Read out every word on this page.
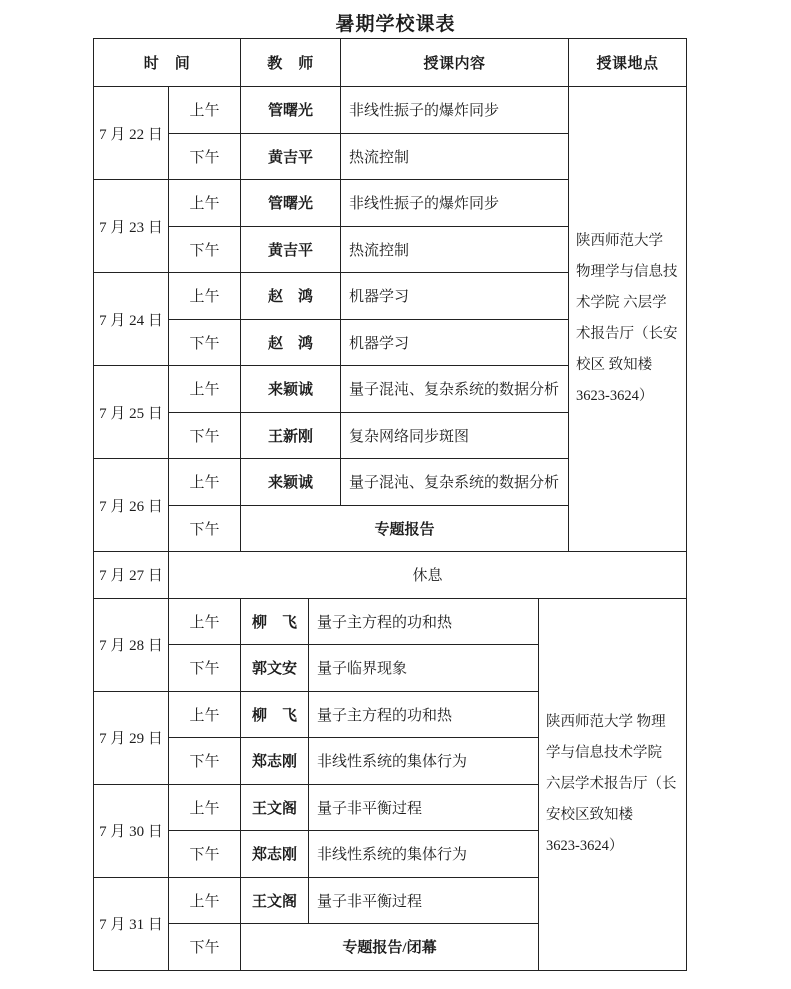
暑期学校课表
时　间		教　师	授课内容	授课地点
7 月 22 日	上午	管曙光	非线性振子的爆炸同步	
陕西师范大学
物理学与信息技
术学院 六层学
术报告厅（长安
校区 致知楼
3623-3624）

	下午	黄吉平	热流控制	
7 月 23 日	上午	管曙光	非线性振子的爆炸同步	
	下午	黄吉平	热流控制	
7 月 24 日	上午	赵　鸿	机器学习	
	下午	赵　鸿	机器学习	
7 月 25 日	上午	来颖诚	量子混沌、复杂系统的数据分析	
	下午	王新刚	复杂网络同步斑图	
7 月 26 日	上午	来颖诚	量子混沌、复杂系统的数据分析	
	下午	专题报告		
7 月 27 日	休息
7 月 28 日	上午	柳　飞	量子主方程的功和热	陕西师范大学 物理
学与信息技术学院
六层学术报告厅（长
安校区致知楼
3623-3624）

	下午	郭文安	量子临界现象	
7 月 29 日	上午	柳　飞	量子主方程的功和热	
	下午	郑志刚	非线性系统的集体行为	
7 月 30 日	上午	王文阁	量子非平衡过程	
	下午	郑志刚	非线性系统的集体行为	
7 月 31 日	上午	王文阁	量子非平衡过程	
	下午	专题报告/闭幕		
